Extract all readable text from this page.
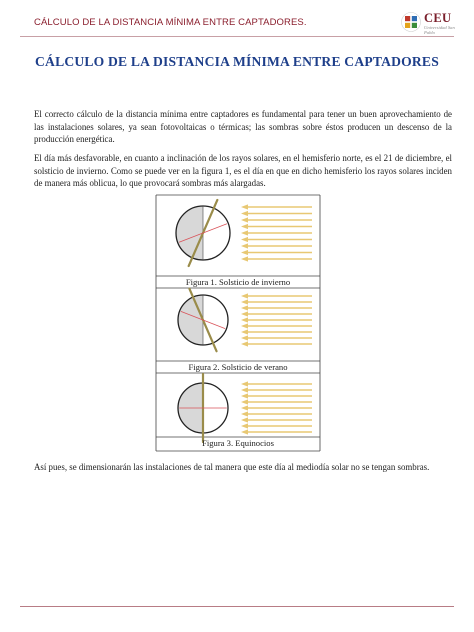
CÁLCULO DE LA DISTANCIA MÍNIMA ENTRE CAPTADORES.	CEU
Universidad San Pablo
CÁLCULO DE LA DISTANCIA MÍNIMA ENTRE CAPTADORES
El correcto cálculo de la distancia mínima entre captadores es fundamental para tener un buen aprovechamiento de las instalaciones solares, ya sean fotovoltaicas o térmicas; las sombras sobre éstos producen un descenso de la producción energética.
El día más desfavorable, en cuanto a inclinación de los rayos solares, en el hemisferio norte, es el 21 de diciembre, el solsticio de invierno. Como se puede ver en la figura 1, es el día en que en dicho hemisferio los rayos solares inciden de manera más oblicua, lo que provocará sombras más alargadas.
Figura 1. Solsticio de invierno
Figura 2. Solsticio de verano
Figura 3. Equinocios
Así pues, se dimensionarán las instalaciones de tal manera que este día al mediodía solar no se tengan sombras.
